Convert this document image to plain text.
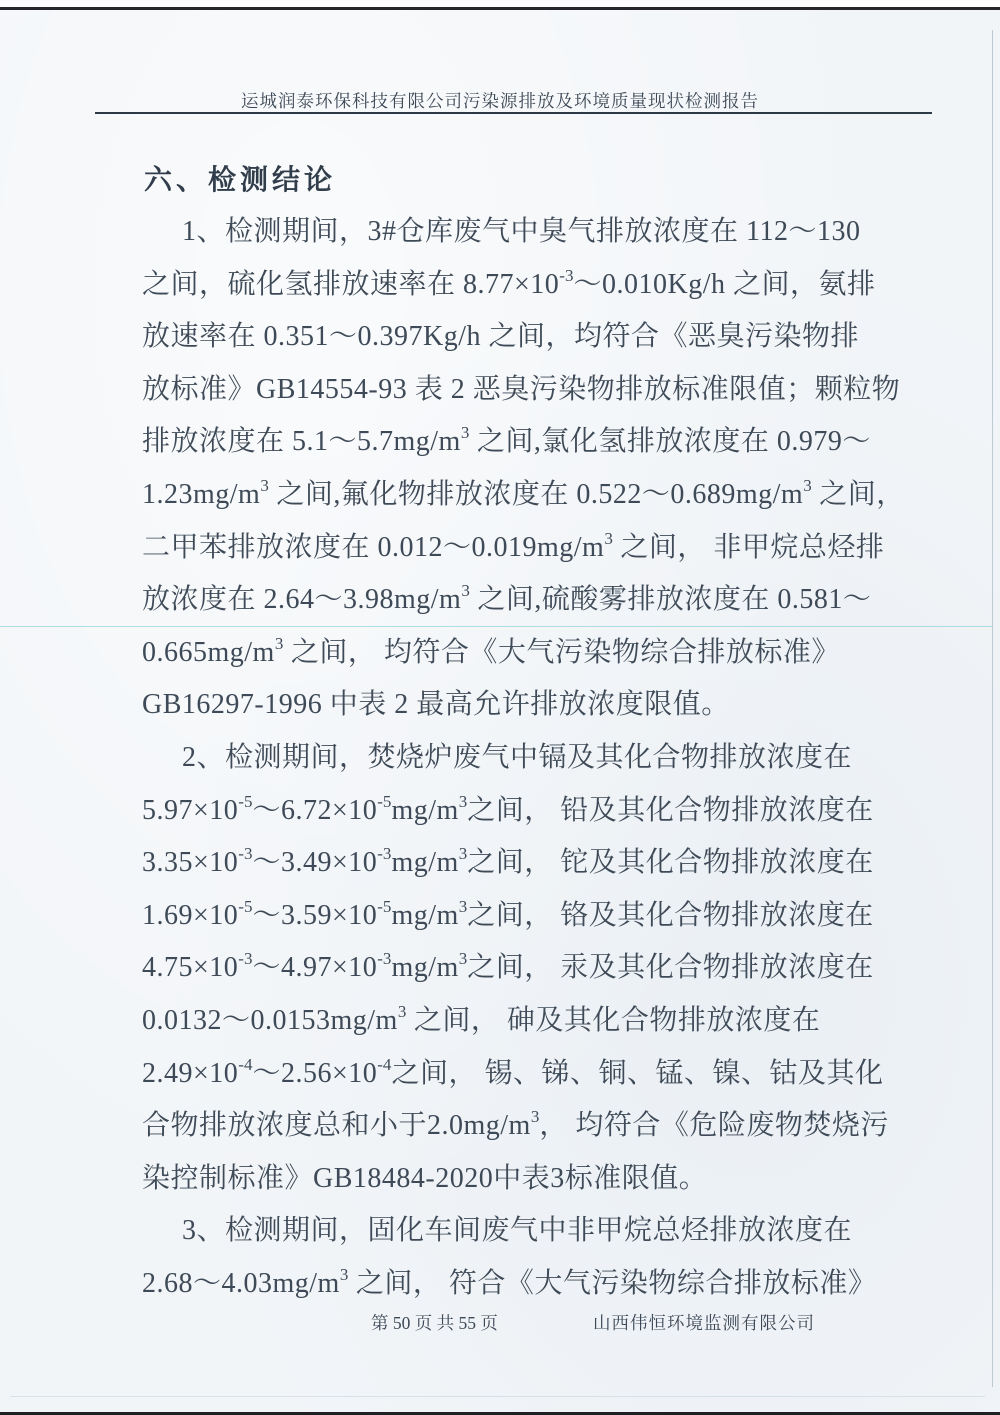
运城润泰环保科技有限公司污染源排放及环境质量现状检测报告
六、检测结论
1、检测期间，3#仓库废气中臭气排放浓度在 112～130
之间，硫化氢排放速率在 $8.77\times 10^{-3}\sim 0.010Kg/h$ 之间，氨排
放速率在 0.351～0.397Kg/h 之间，均符合《恶臭污染物排
放标准》GB14554-93 表 2 恶臭污染物排放标准限值；颗粒物
排放浓度在 $5.1\sim 5.7mg/m^3$ 之间,氯化氢排放浓度在 0.979～
$1.23mg/m^3$ 之间,氟化物排放浓度在 $0.522\sim 0.689mg/m^3$ 之间，
二甲苯排放浓度在 $0.012\sim 0.019mg/m^3$ 之间， 非甲烷总烃排
放浓度在 $2.64\sim 3.98mg/m^3$ 之间,硫酸雾排放浓度在 0.581～
$0.665mg/m^3$ 之间， 均符合《大气污染物综合排放标准》
GB16297-1996 中表 2 最高允许排放浓度限值。
2、检测期间，焚烧炉废气中镉及其化合物排放浓度在
$5.97\times 10^{-5}\sim 6.72\times 10^{-5}mg/m^3$之间， 铅及其化合物排放浓度在
$3.35\times 10^{-3}\sim 3.49\times 10^{-3}mg/m^3$之间， 铊及其化合物排放浓度在
$1.69\times 10^{-5}\sim 3.59\times 10^{-5}mg/m^3$之间， 铬及其化合物排放浓度在
$4.75\times 10^{-3}\sim 4.97\times 10^{-3}mg/m^3$之间， 汞及其化合物排放浓度在
$0.0132\sim 0.0153mg/m^3$ 之间， 砷及其化合物排放浓度在
$2.49\times 10^{-4}\sim 2.56\times 10^{-4}$之间， 锡、锑、铜、锰、镍、钴及其化
合物排放浓度总和小于$2.0mg/m^3$， 均符合《危险废物焚烧污
染控制标准》GB18484-2020中表3标准限值。
3、检测期间，固化车间废气中非甲烷总烃排放浓度在
$2.68\sim 4.03mg/m^3$ 之间， 符合《大气污染物综合排放标准》
第 50 页 共 55 页	山西伟恒环境监测有限公司
